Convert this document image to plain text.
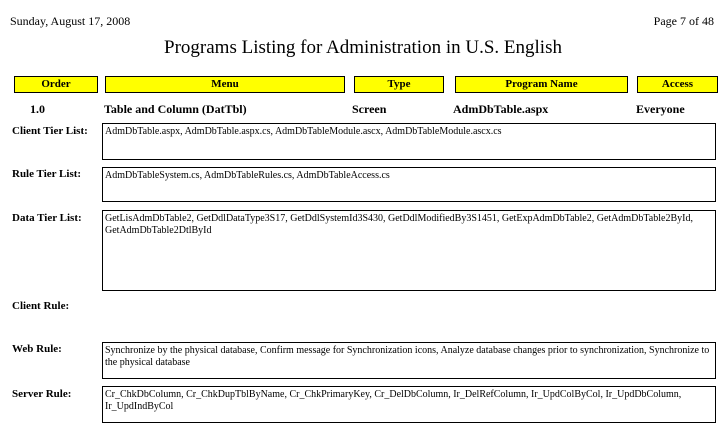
Sunday, August 17, 2008	Page 7 of 48
Programs Listing for Administration in U.S. English
Order	Menu	Type	Program Name	Access
1.0	Table and Column (DatTbl)	Screen	AdmDbTable.aspx	Everyone
Client Tier List:	AdmDbTable.aspx, AdmDbTable.aspx.cs, AdmDbTableModule.ascx, AdmDbTableModule.ascx.cs
Rule Tier List:	AdmDbTableSystem.cs, AdmDbTableRules.cs, AdmDbTableAccess.cs
Data Tier List:	GetLisAdmDbTable2, GetDdlDataType3S17, GetDdlSystemId3S430, GetDdlModifiedBy3S1451, GetExpAdmDbTable2, GetAdmDbTable2ById, GetAdmDbTable2DtlById
Client Rule:
Web Rule:	Synchronize by the physical database, Confirm message for Synchronization icons, Analyze database changes prior to synchronization, Synchronize to the physical database
Server Rule:	Cr_ChkDbColumn, Cr_ChkDupTblByName, Cr_ChkPrimaryKey, Cr_DelDbColumn, Ir_DelRefColumn, Ir_UpdColByCol, Ir_UpdDbColumn, Ir_UpdIndByCol
